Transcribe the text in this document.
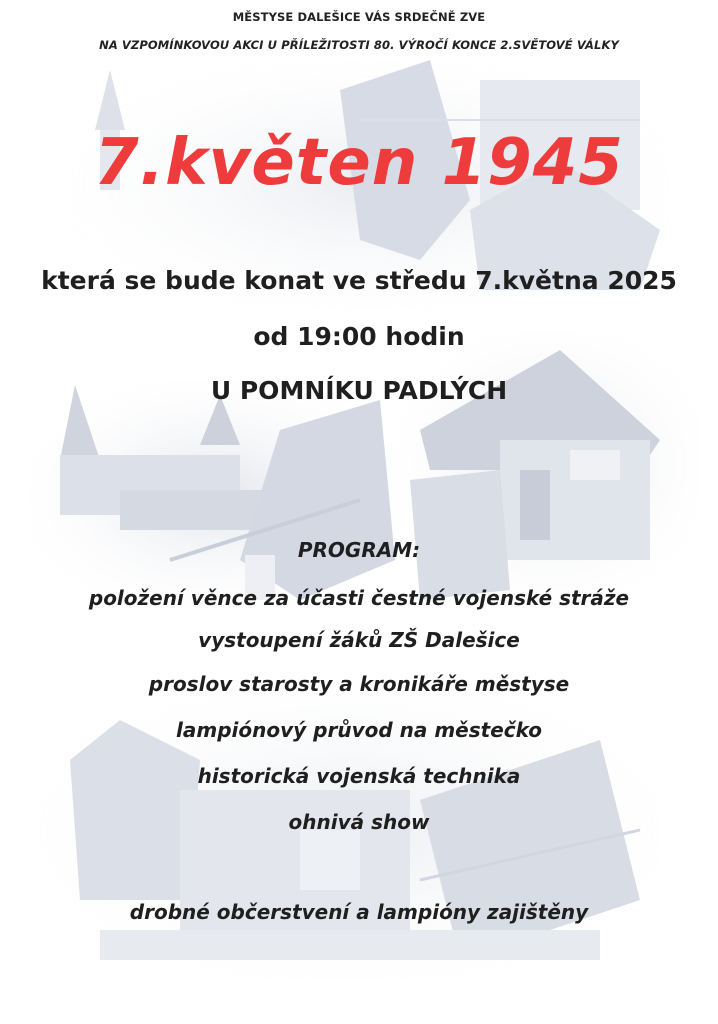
MĚSTYSE DALEŠICE VÁS SRDEČNĚ ZVE
NA VZPOMÍNKOVOU AKCI U PŘÍLEŽITOSTI 80. VÝROČÍ KONCE 2.SVĚTOVÉ VÁLKY
7.květen 1945
která se bude konat ve středu 7.května 2025
od 19:00 hodin
U POMNÍKU PADLÝCH
PROGRAM:
položení věnce za účasti čestné vojenské stráže
vystoupení žáků ZŠ Dalešice
proslov starosty a kronikáře městyse
lampiónový průvod na městečko
historická vojenská technika
ohnivá show
drobné občerstvení a lampióny zajištěny
